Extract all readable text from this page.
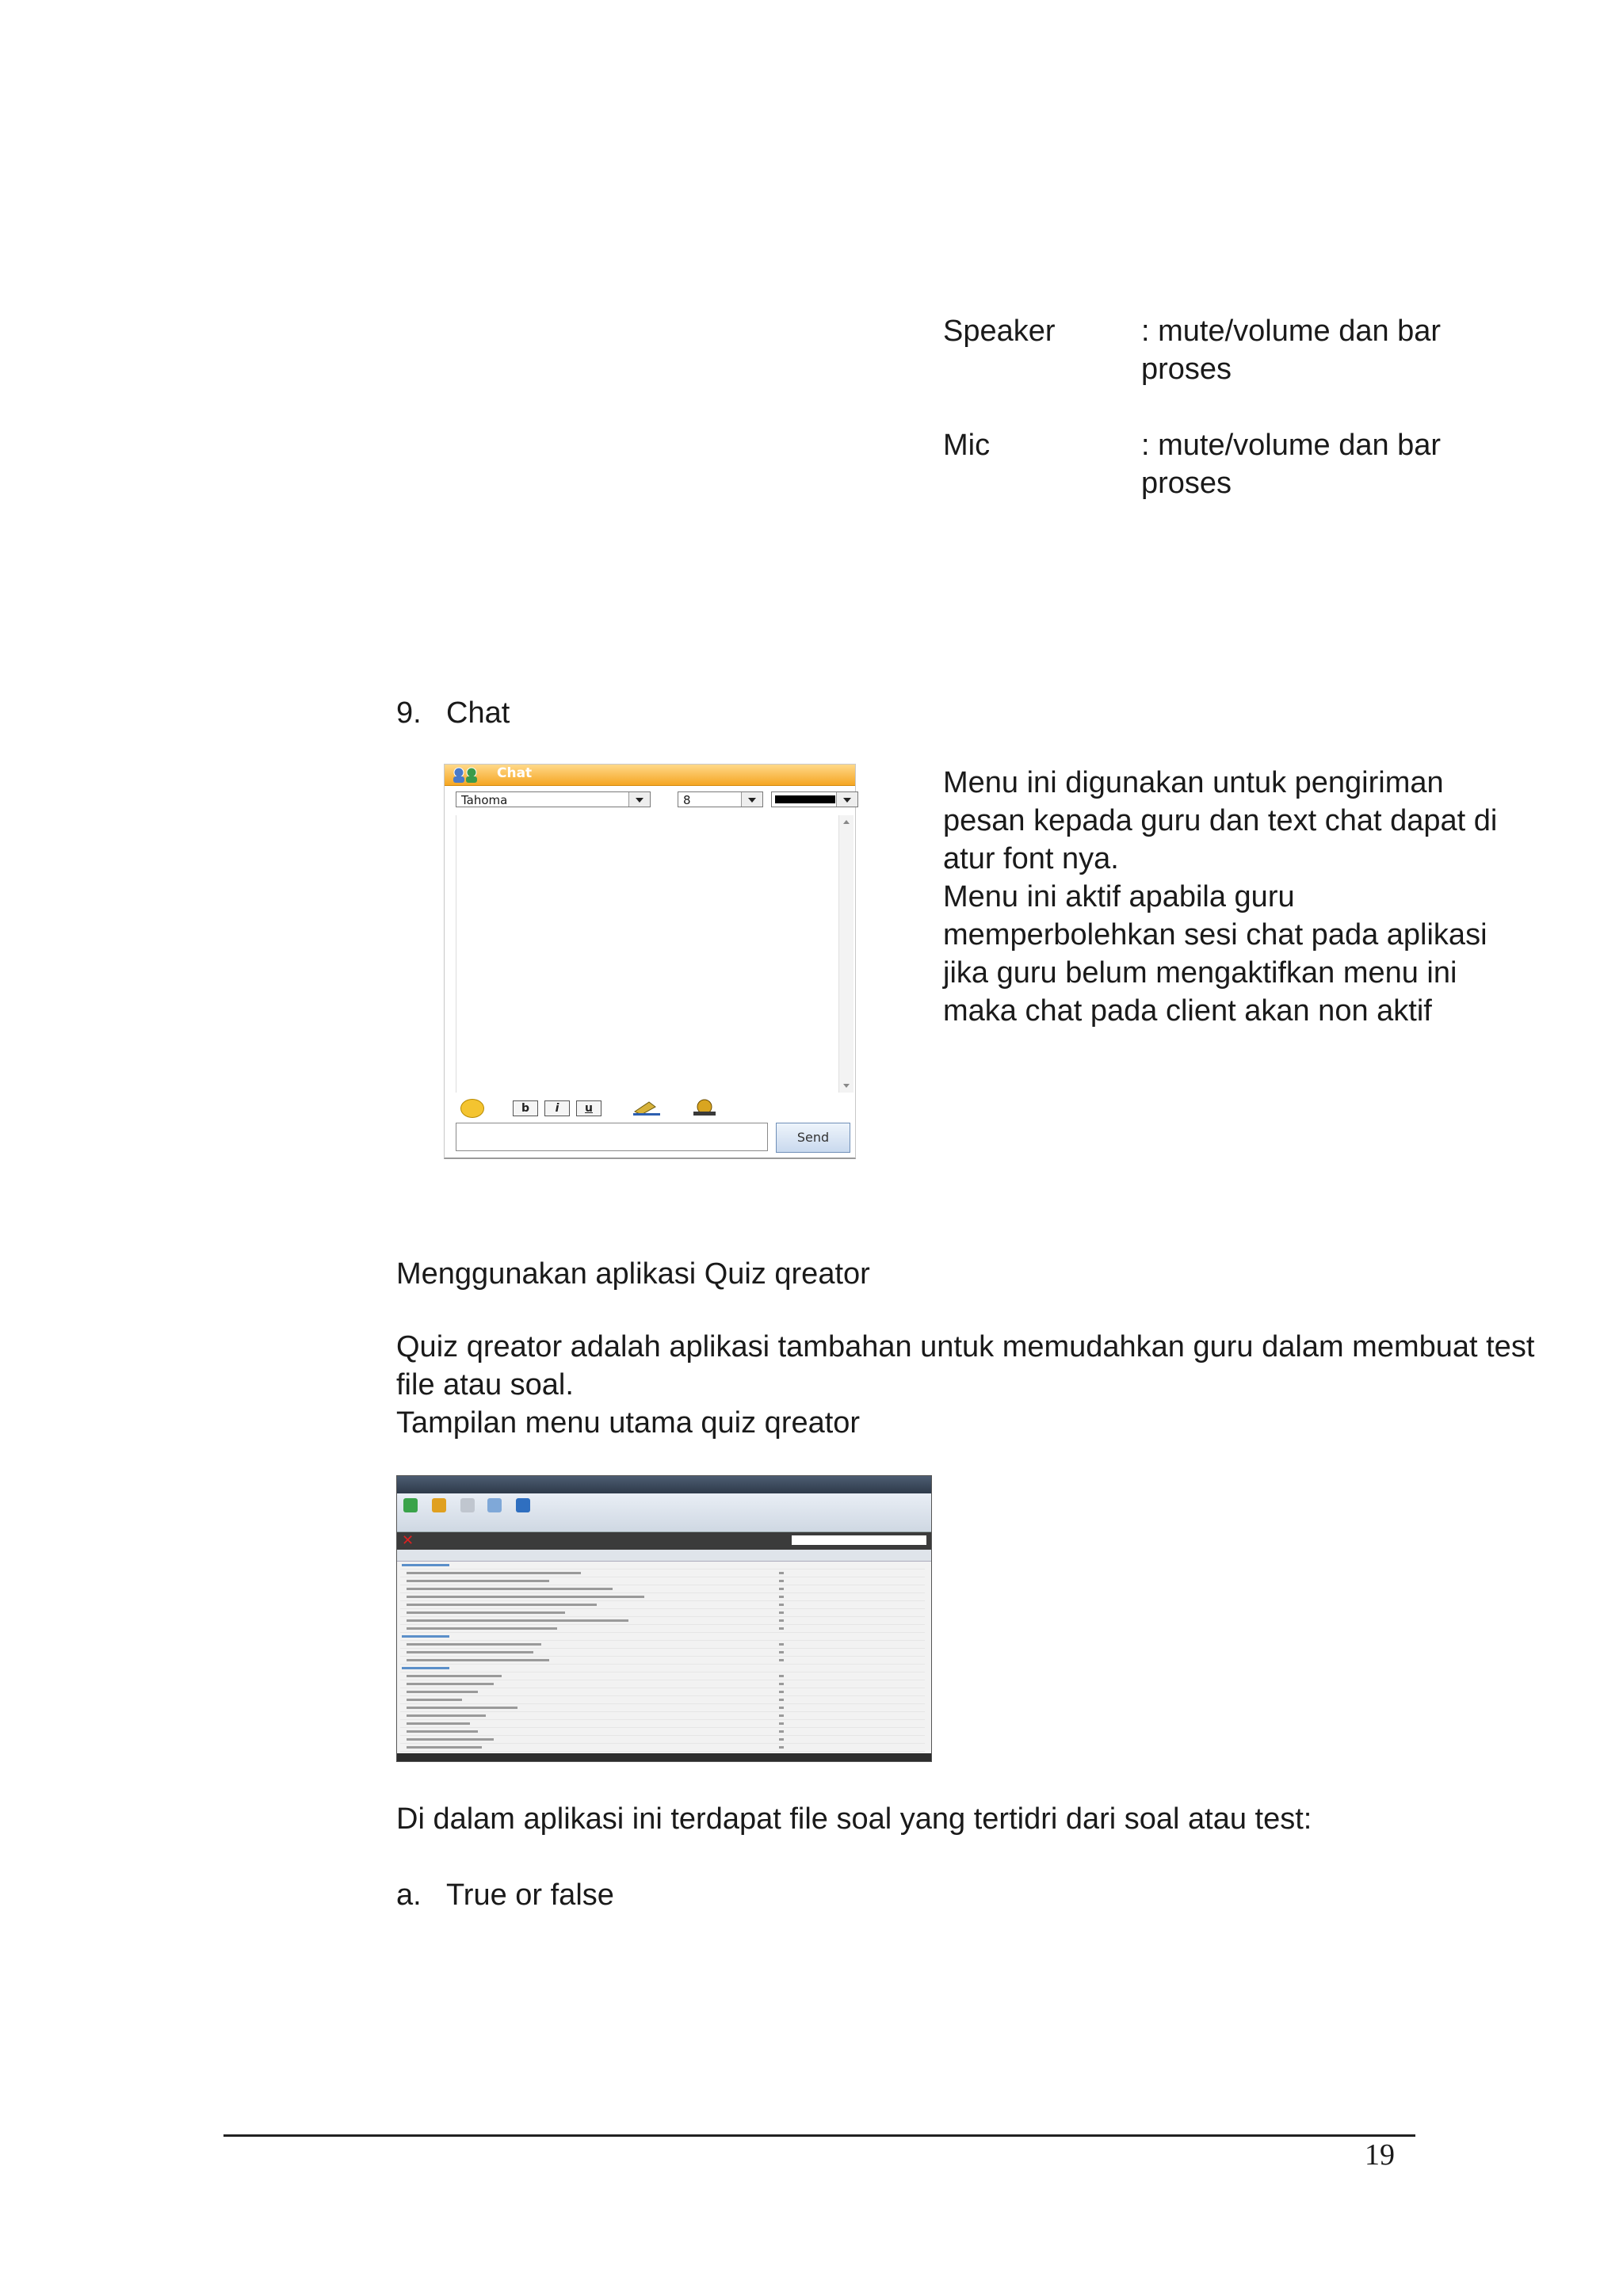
Speaker	: mute/volume dan bar
proses
Mic	: mute/volume dan bar
proses
9. Chat
Chat
Tahoma	8
b	i	u
Send
Menu ini digunakan untuk pengiriman
pesan kepada guru dan text chat dapat di
atur font nya.
Menu ini aktif apabila guru
memperbolehkan sesi chat pada aplikasi
jika guru belum mengaktifkan menu ini
maka chat pada client akan non aktif
Menggunakan aplikasi Quiz qreator
Quiz qreator adalah aplikasi tambahan untuk memudahkan guru dalam membuat test
file atau soal.
Tampilan menu utama quiz qreator
✕
Di dalam aplikasi ini terdapat file soal yang tertidri dari soal atau test:
a. True or false
19
